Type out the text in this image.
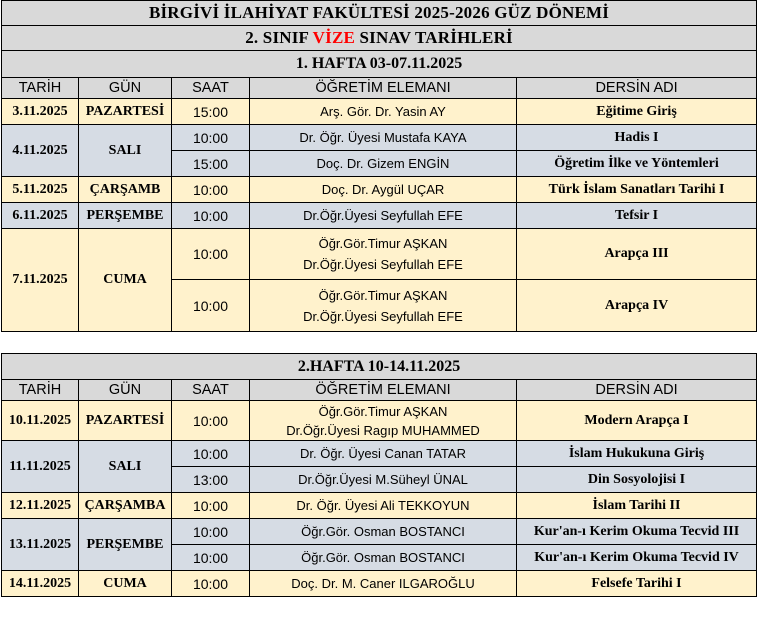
BİRGİVİ İLAHİYAT FAKÜLTESİ 2025-2026 GÜZ DÖNEMİ				
2. SINIF VİZE SINAV TARİHLERİ				
1. HAFTA 03-07.11.2025				
TARİH	GÜN	SAAT	ÖĞRETİM ELEMANI	DERSİN ADI
3.11.2025	PAZARTESİ	15:00	Arş. Gör. Dr. Yasin AY	Eğitime Giriş
4.11.2025	SALI	10:00	Dr. Öğr. Üyesi Mustafa KAYA	Hadis I
		15:00	Doç. Dr. Gizem ENGİN	Öğretim İlke ve Yöntemleri
5.11.2025	ÇARŞAMB	10:00	Doç. Dr. Aygül UÇAR	Türk İslam Sanatları Tarihi I
6.11.2025	PERŞEMBE	10:00	Dr.Öğr.Üyesi Seyfullah EFE	Tefsir I
7.11.2025	CUMA	10:00	Öğr.Gör.Timur AŞKAN
Dr.Öğr.Üyesi Seyfullah EFE	Arapça III
		10:00	Öğr.Gör.Timur AŞKAN
Dr.Öğr.Üyesi Seyfullah EFE	Arapça IV
2.HAFTA 10-14.11.2025				
TARİH	GÜN	SAAT	ÖĞRETİM ELEMANI	DERSİN ADI
10.11.2025	PAZARTESİ	10:00	Öğr.Gör.Timur AŞKAN
Dr.Öğr.Üyesi Ragıp MUHAMMED	Modern Arapça I
11.11.2025	SALI	10:00	Dr. Öğr. Üyesi Canan TATAR	İslam Hukukuna Giriş
		13:00	Dr.Öğr.Üyesi M.Süheyl ÜNAL	Din Sosyolojisi I
12.11.2025	ÇARŞAMBA	10:00	Dr. Öğr. Üyesi Ali TEKKOYUN	İslam Tarihi II
13.11.2025	PERŞEMBE	10:00	Öğr.Gör. Osman BOSTANCI	Kur'an-ı Kerim Okuma Tecvid III
		10:00	Öğr.Gör. Osman BOSTANCI	Kur'an-ı Kerim Okuma Tecvid IV
14.11.2025	CUMA	10:00	Doç. Dr. M. Caner ILGAROĞLU	Felsefe Tarihi I
